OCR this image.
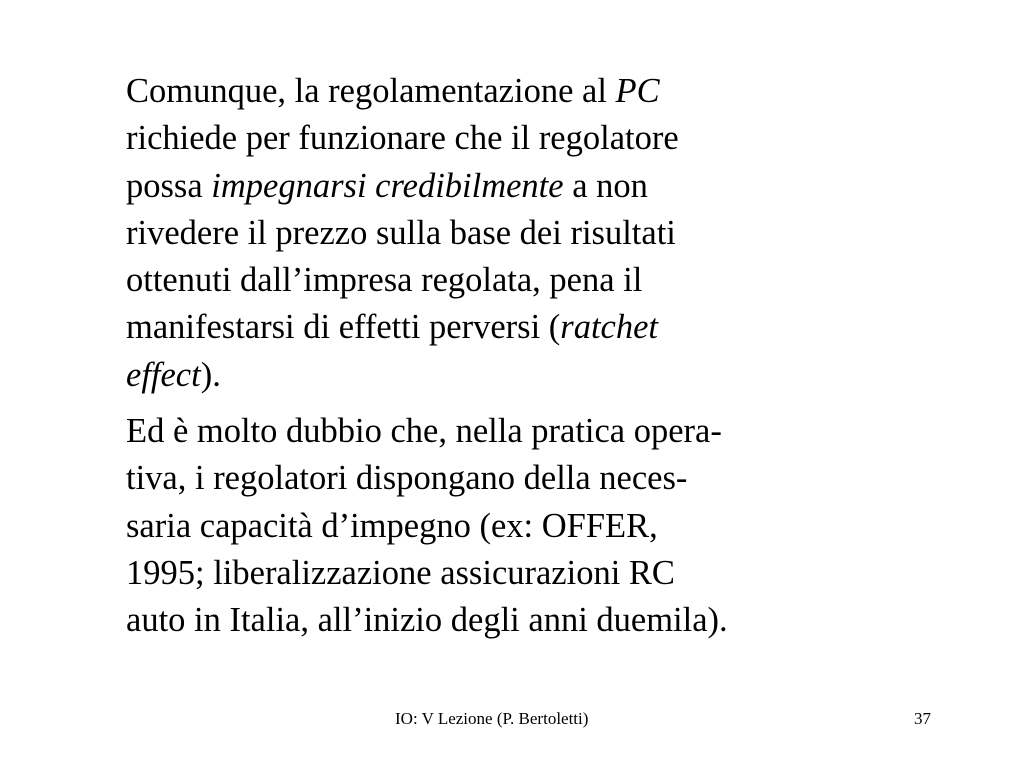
Comunque, la regolamentazione al PC
richiede per funzionare che il regolatore
possa impegnarsi credibilmente a non
rivedere il prezzo sulla base dei risultati
ottenuti dall’impresa regolata, pena il
manifestarsi di effetti perversi (ratchet
effect).

Ed è molto dubbio che, nella pratica opera-
tiva, i regolatori dispongano della neces-
saria capacità d’impegno (ex: OFFER,
1995; liberalizzazione assicurazioni RC
auto in Italia, all’inizio degli anni duemila).

IO: V Lezione (P. Bertoletti)	37
